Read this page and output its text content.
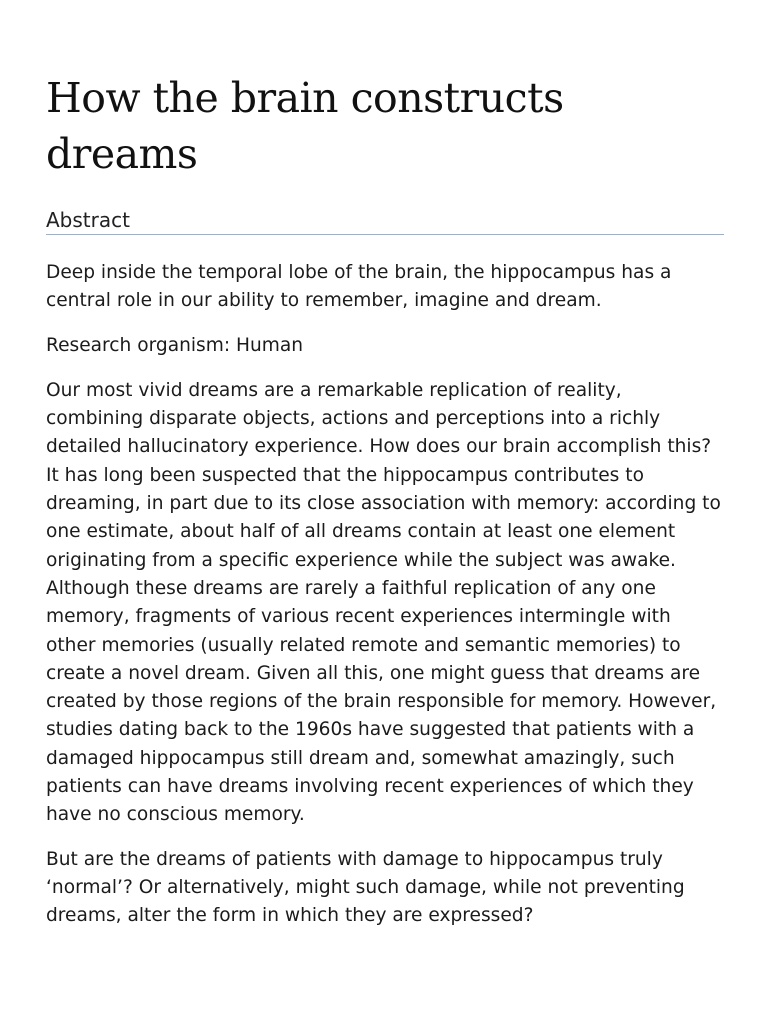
How the brain constructs dreams
Abstract

Deep inside the temporal lobe of the brain, the hippocampus has a central role in our ability to remember, imagine and dream.

Research organism: Human

Our most vivid dreams are a remarkable replication of reality, combining disparate objects, actions and perceptions into a richly detailed hallucinatory experience. How does our brain accomplish this? It has long been suspected that the hippocampus contributes to dreaming, in part due to its close association with memory: according to one estimate, about half of all dreams contain at least one element originating from a specific experience while the subject was awake. Although these dreams are rarely a faithful replication of any one memory, fragments of various recent experiences intermingle with other memories (usually related remote and semantic memories) to create a novel dream. Given all this, one might guess that dreams are created by those regions of the brain responsible for memory. However, studies dating back to the 1960s have suggested that patients with a damaged hippocampus still dream and, somewhat amazingly, such patients can have dreams involving recent experiences of which they have no conscious memory.

But are the dreams of patients with damage to hippocampus truly ‘normal’? Or alternatively, might such damage, while not preventing dreams, alter the form in which they are expressed?
